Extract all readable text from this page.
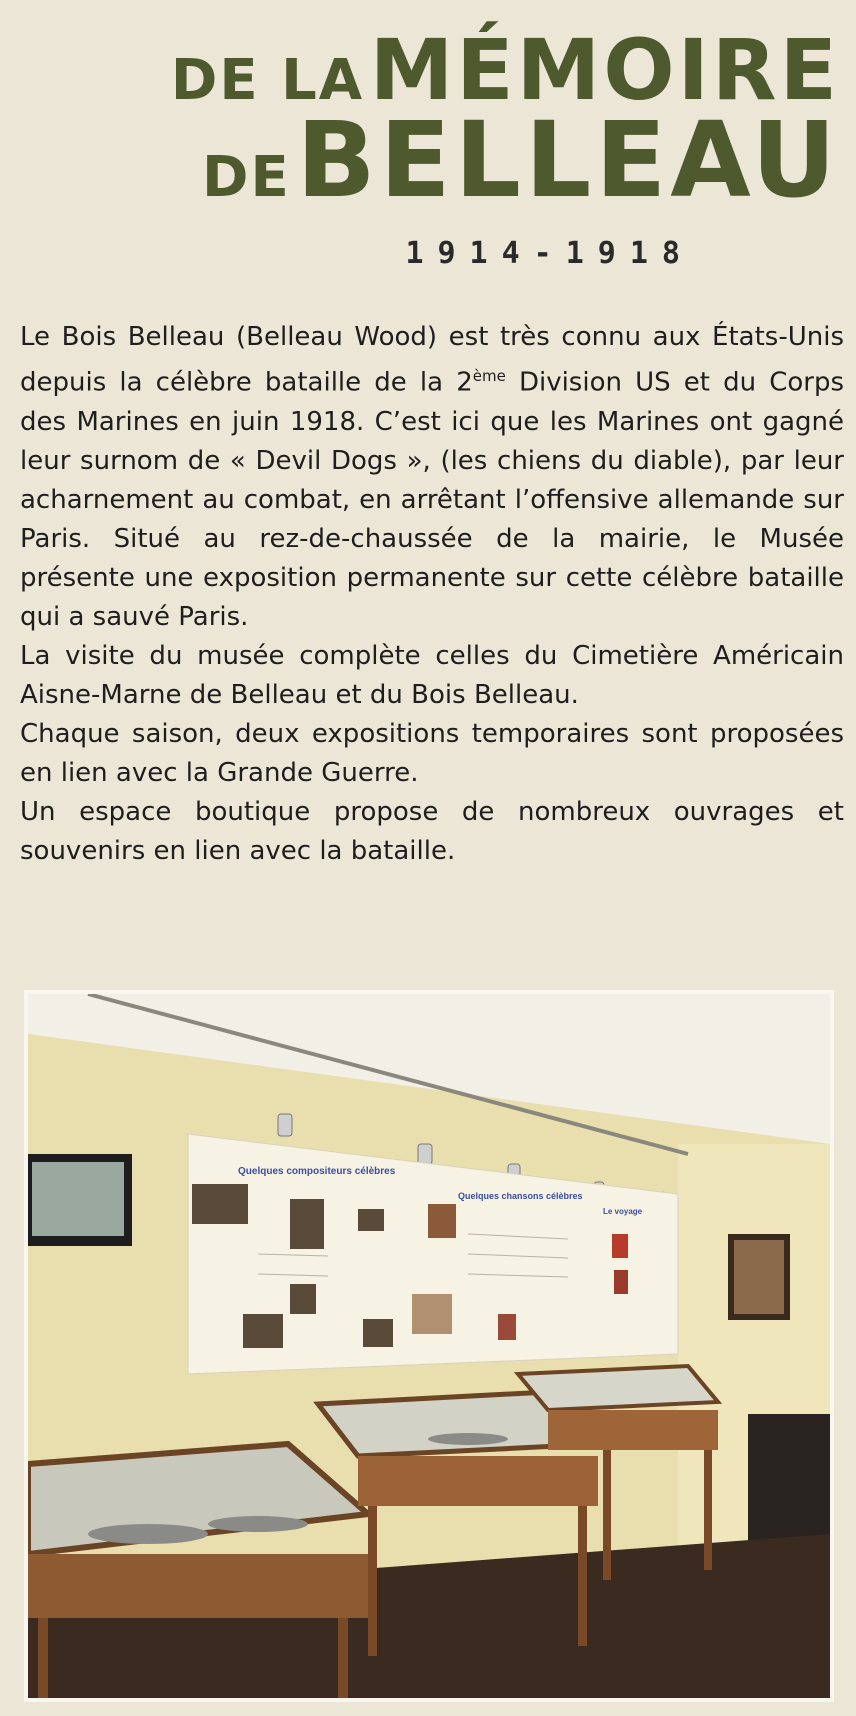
DE LA MÉMOIRE
DE BELLEAU
1914-1918

Le Bois Belleau (Belleau Wood) est très connu aux États-Unis depuis la célèbre bataille de la 2ème Division US et du Corps des Marines en juin 1918. C’est ici que les Marines ont gagné leur surnom de « Devil Dogs », (les chiens du diable), par leur acharnement au combat, en arrêtant l’offensive allemande sur Paris. Situé au rez-de-chaussée de la mairie, le Musée présente une exposition permanente sur cette célèbre bataille qui a sauvé Paris.

La visite du musée complète celles du Cimetière Américain Aisne-Marne de Belleau et du Bois Belleau.

Chaque saison, deux expositions temporaires sont proposées en lien avec la Grande Guerre.

Un espace boutique propose de nombreux ouvrages et souvenirs en lien avec la bataille.

Quelques compositeurs célèbres
Quelques chansons célèbres
Le voyage
